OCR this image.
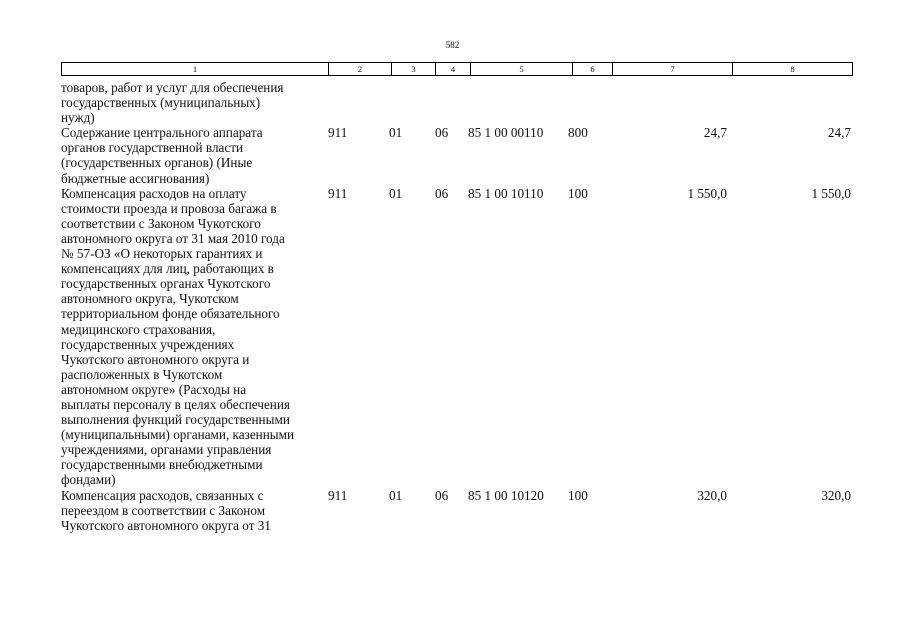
582
1	2	3	4	5	6	7	8
товаров, работ и услуг для обеспечения
государственных (муниципальных)
нужд)
Содержание центрального аппарата
органов государственной власти
(государственных органов) (Иные
бюджетные ассигнования)
911	01	06	85 1 00 00110	800	24,7	24,7
Компенсация расходов на оплату
стоимости проезда и провоза багажа в
соответствии с Законом Чукотского
автономного округа от 31 мая 2010 года
№ 57-ОЗ «О некоторых гарантиях и
компенсациях для лиц, работающих в
государственных органах Чукотского
автономного округа, Чукотском
территориальном фонде обязательного
медицинского страхования,
государственных учреждениях
Чукотского автономного округа и
расположенных в Чукотском
автономном округе» (Расходы на
выплаты персоналу в целях обеспечения
выполнения функций государственными
(муниципальными) органами, казенными
учреждениями, органами управления
государственными внебюджетными
фондами)
911	01	06	85 1 00 10110	100	1 550,0	1 550,0
Компенсация расходов, связанных с
переездом в соответствии с Законом
Чукотского автономного округа от 31
911	01	06	85 1 00 10120	100	320,0	320,0
